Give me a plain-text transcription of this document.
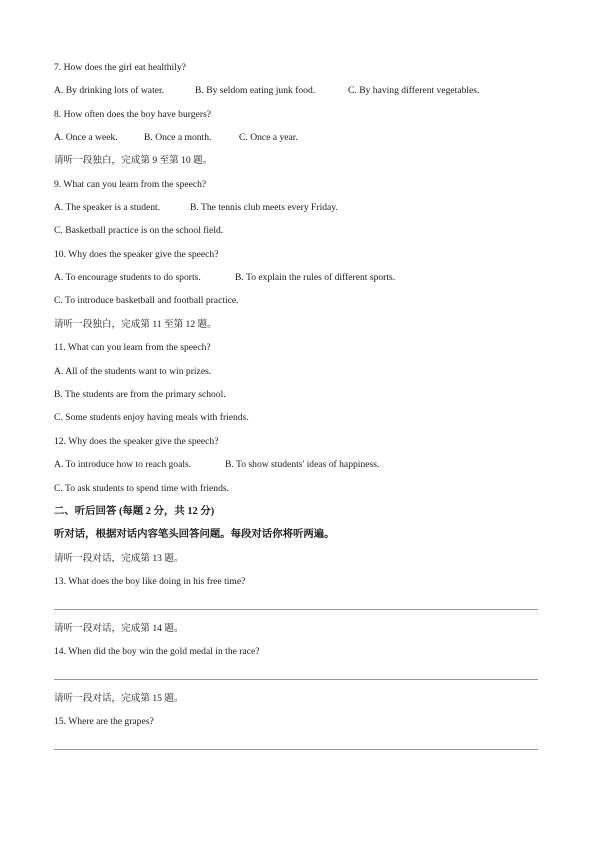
7. How does the girl eat healthily?
A. By drinking lots of water.	B. By seldom eating junk food.	C. By having different vegetables.
8. How often does the boy have burgers?
A. Once a week.	B. Once a month.	C. Once a year.
请听一段独白，完成第 9 至第 10 题。
9. What can you learn from the speech?
A. The speaker is a student.	B. The tennis club meets every Friday.
C. Basketball practice is on the school field.
10. Why does the speaker give the speech?
A. To encourage students to do sports.	B. To explain the rules of different sports.
C. To introduce basketball and football practice.
请听一段独白，完成第 11 至第 12 题。
11. What can you learn from the speech?
A. All of the students want to win prizes.
B. The students are from the primary school.
C. Some students enjoy having meals with friends.
12. Why does the speaker give the speech?
A. To introduce how to reach goals.	B. To show students' ideas of happiness.
C. To ask students to spend time with friends.
二、听后回答 (每题 2 分，共 12 分)
听对话，根据对话内容笔头回答问题。每段对话你将听两遍。
请听一段对话，完成第 13 题。
13. What does the boy like doing in his free time?
请听一段对话，完成第 14 题。
14. When did the boy win the gold medal in the race?
请听一段对话，完成第 15 题。
15. Where are the grapes?
